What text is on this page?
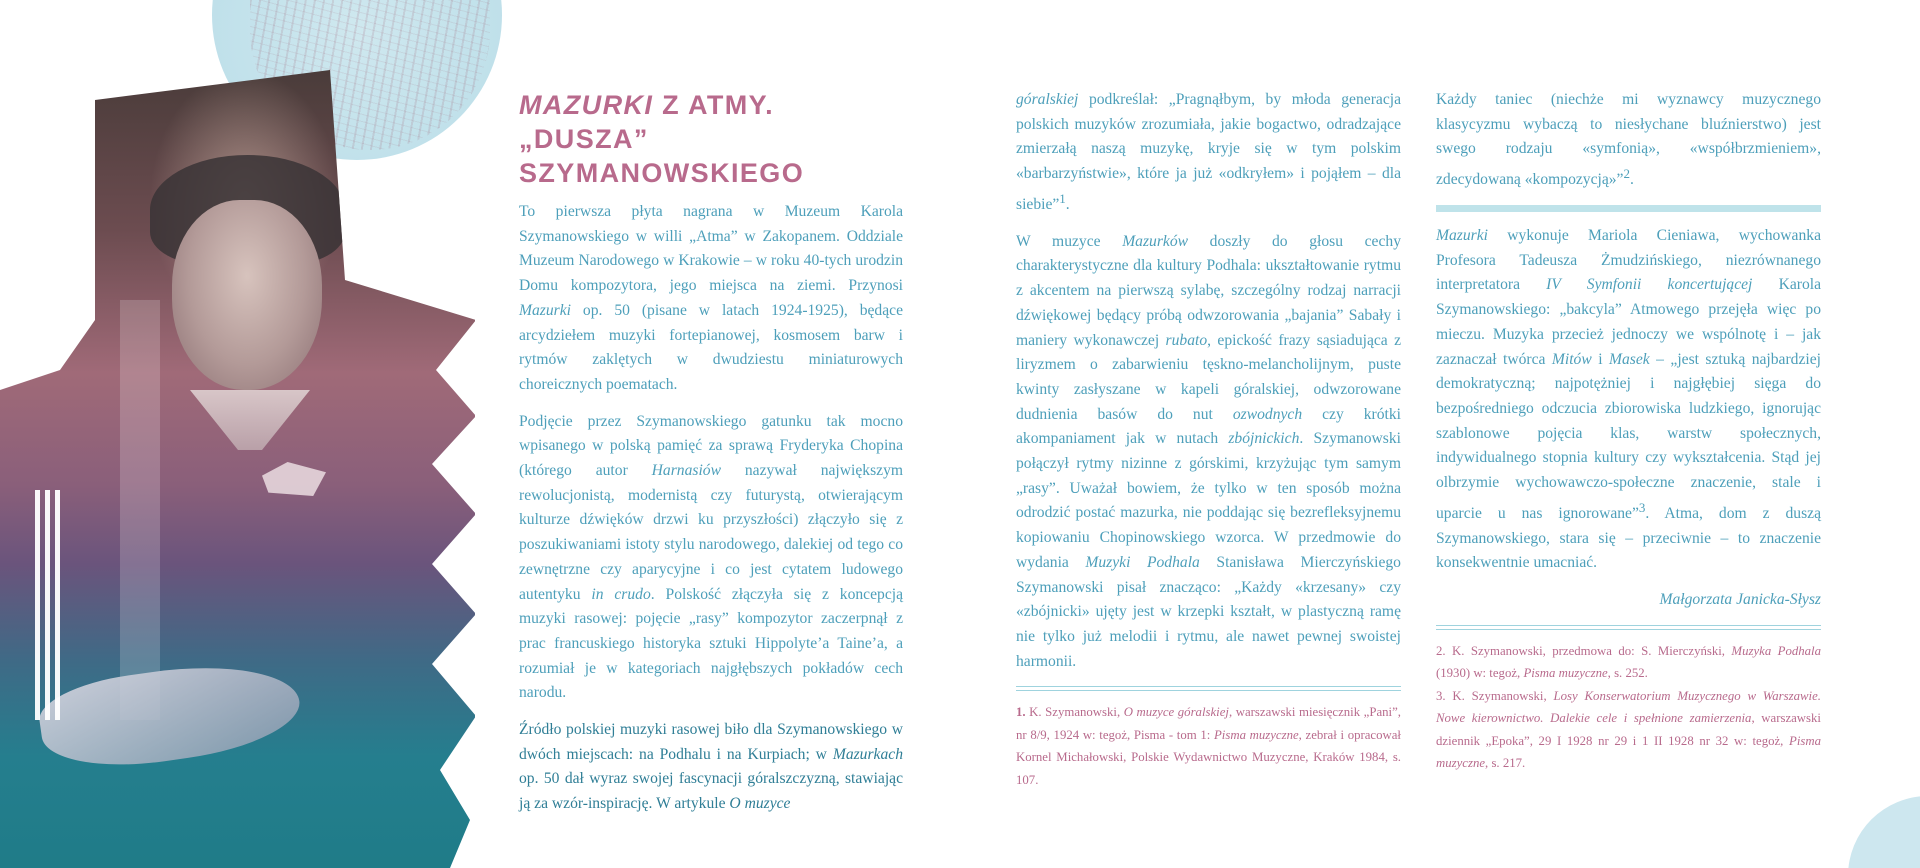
MAZURKI Z ATMY.
„DUSZA” SZYMANOWSKIEGO

To pierwsza płyta nagrana w Muzeum Karola Szymanowskiego w willi „Atma” w Zakopanem. Oddziale Muzeum Narodowego w Krakowie – w roku 40-tych urodzin Domu kompozytora, jego miejsca na ziemi. Przynosi Mazurki op. 50 (pisane w latach 1924-1925), będące arcydziełem muzyki fortepianowej, kosmosem barw i rytmów zaklętych w dwudziestu miniaturowych choreicznych poematach.

Podjęcie przez Szymanowskiego gatunku tak mocno wpisanego w polską pamięć za sprawą Fryderyka Chopina (którego autor Harnasiów nazywał największym rewolucjonistą, modernistą czy futurystą, otwierającym kulturze dźwięków drzwi ku przyszłości) złączyło się z poszukiwaniami istoty stylu narodowego, dalekiej od tego co zewnętrzne czy aparycyjne i co jest cytatem ludowego autentyku in crudo. Polskość złączyła się z koncepcją muzyki rasowej: pojęcie „rasy” kompozytor zaczerpnął z prac francuskiego historyka sztuki Hippolyte’a Taine’a, a rozumiał je w kategoriach najgłębszych pokładów cech narodu.

Źródło polskiej muzyki rasowej biło dla Szymanowskiego w dwóch miejscach: na Podhalu i na Kurpiach; w Mazurkach op. 50 dał wyraz swojej fascynacji góralszczyzną, stawiając ją za wzór-inspirację. W artykule O muzyce

góralskiej podkreślał: „Pragnąłbym, by młoda generacja polskich muzyków zrozumiała, jakie bogactwo, odradzające zmierzałą naszą muzykę, kryje się w tym polskim «barbarzyństwie», które ja już «odkryłem» i pojąłem – dla siebie”$^1$.

W muzyce Mazurków doszły do głosu cechy charakterystyczne dla kultury Podhala: ukształtowanie rytmu z akcentem na pierwszą sylabę, szczególny rodzaj narracji dźwiękowej będący próbą odwzorowania „bajania” Sabały i maniery wykonawczej rubato, epickość frazy sąsiadująca z liryzmem o zabarwieniu tęskno-melancholijnym, puste kwinty zasłyszane w kapeli góralskiej, odwzorowane dudnienia basów do nut ozwodnych czy krótki akompaniament jak w nutach zbójnickich. Szymanowski połączył rytmy nizinne z górskimi, krzyżując tym samym „rasy”. Uważał bowiem, że tylko w ten sposób można odrodzić postać mazurka, nie poddając się bezrefleksyjnemu kopiowaniu Chopinowskiego wzorca. W przedmowie do wydania Muzyki Podhala Stanisława Mierczyńskiego Szymanowski pisał znacząco: „Każdy «krzesany» czy «zbójnicki» ujęty jest w krzepki kształt, w plastyczną ramę nie tylko już melodii i rytmu, ale nawet pewnej swoistej harmonii.

1. K. Szymanowski, O muzyce góralskiej, warszawski miesięcznik „Pani”, nr 8/9, 1924 w: tegoż, Pisma - tom 1: Pisma muzyczne, zebrał i opracował Kornel Michałowski, Polskie Wydawnictwo Muzyczne, Kraków 1984, s. 107.

Każdy taniec (niechże mi wyznawcy muzycznego klasycyzmu wybaczą to niesłychane bluźnierstwo) jest swego rodzaju «symfonią», «współbrzmieniem», zdecydowaną «kompozycją»”$^2$.

Mazurki wykonuje Mariola Cieniawa, wychowanka Profesora Tadeusza Żmudzińskiego, niezrównanego interpretatora IV Symfonii koncertującej Karola Szymanowskiego: „bakcyla” Atmowego przejęła więc po mieczu. Muzyka przecież jednoczy we wspólnotę i – jak zaznaczał twórca Mitów i Masek – „jest sztuką najbardziej demokratyczną; najpotężniej i najgłębiej sięga do bezpośredniego odczucia zbiorowiska ludzkiego, ignorując szablonowe pojęcia klas, warstw społecznych, indywidualnego stopnia kultury czy wykształcenia. Stąd jej olbrzymie wychowawczo-społeczne znaczenie, stale i uparcie u nas ignorowane”$^3$. Atma, dom z duszą Szymanowskiego, stara się – przeciwnie – to znaczenie konsekwentnie umacniać.

Małgorzata Janicka-Słysz

2. K. Szymanowski, przedmowa do: S. Mierczyński, Muzyka Podhala (1930) w: tegoż, Pisma muzyczne, s. 252.

3. K. Szymanowski, Losy Konserwatorium Muzycznego w Warszawie. Nowe kierownictwo. Dalekie cele i spełnione zamierzenia, warszawski dziennik „Epoka”, 29 I 1928 nr 29 i 1 II 1928 nr 32 w: tegoż, Pisma muzyczne, s. 217.
